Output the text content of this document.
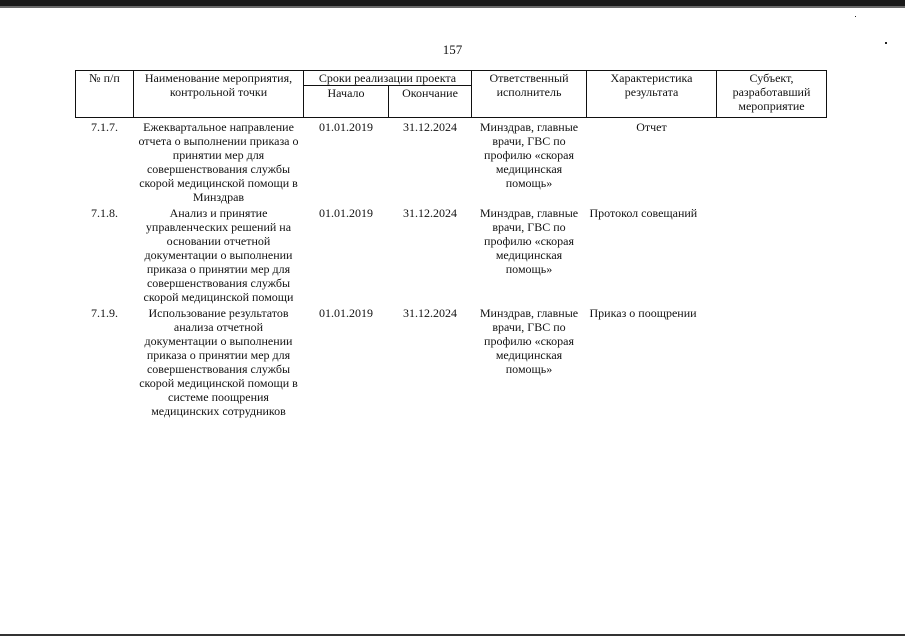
157
№ п/п	Наименование мероприятия, контрольной точки	Сроки реализации проекта		Ответственный исполнитель	Характеристика результата	Субъект, разработавший мероприятие
		Начало	Окончание			
7.1.7.	Ежеквартальное направление отчета о выполнении приказа о принятии мер для совершенствования службы скорой медицинской помощи в Минздрав	01.01.2019	31.12.2024	Минздрав, главные врачи, ГВС по профилю «скорая медицинская помощь»	Отчет	
7.1.8.	Анализ и принятие управленческих решений на основании отчетной документации о выполнении приказа о принятии мер для совершенствования службы скорой медицинской помощи	01.01.2019	31.12.2024	Минздрав, главные врачи, ГВС по профилю «скорая медицинская помощь»	Протокол совещаний	
7.1.9.	Использование результатов анализа отчетной документации о выполнении приказа о принятии мер для совершенствования службы скорой медицинской помощи в системе поощрения медицинских сотрудников	01.01.2019	31.12.2024	Минздрав, главные врачи, ГВС по профилю «скорая медицинская помощь»	Приказ о поощрении	
